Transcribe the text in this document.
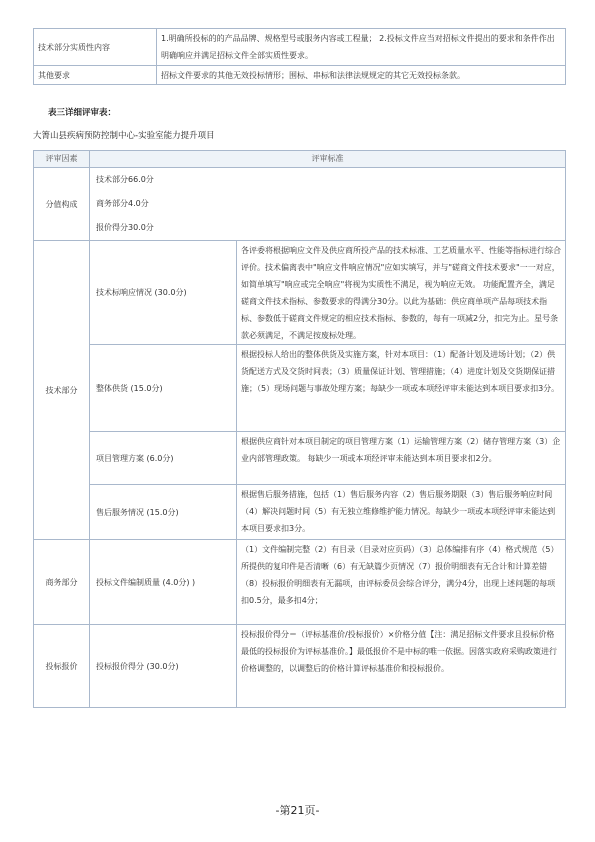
技术部分实质性内容	1.明确所投标的的产品品牌、规格型号或服务内容或工程量； 2.投标文件应当对招标文件提出的要求和条件作出明确响应并满足招标文件全部实质性要求。
其他要求	招标文件要求的其他无效投标情形；围标、串标和法律法规规定的其它无效投标条款。
表三详细评审表：
大箐山县疾病预防控制中心-实验室能力提升项目
评审因素	评审标准	
分值构成	技术部分66.0分
商务部分4.0分
报价得分30.0分	

技术部分	技术标响应情况 (30.0分)	各评委将根据响应文件及供应商所投产品的技术标准、工艺质量水平、性能等指标进行综合评价。技术偏离表中"响应文件响应情况"应如实填写，并与"磋商文件技术要求"一一对应，如简单填写"响应或完全响应"将视为实质性不满足，视为响应无效。 功能配置齐全，满足磋商文件技术指标、参数要求的得满分30分。以此为基础：供应商单项产品每项技术指标、参数低于磋商文件规定的相应技术指标、参数的，每有一项减2分，扣完为止。星号条款必须满足，不满足按废标处理。
	整体供货 (15.0分)	根据投标人给出的整体供货及实施方案，针对本项目：（1）配备计划及进场计划；（2）供货配送方式及交货时间表；（3）质量保证计划、管理措施；（4）进度计划及交货期保证措施；（5）现场问题与事故处理方案；每缺少一项或本项经评审未能达到本项目要求扣3分。
	项目管理方案 (6.0分)	根据供应商针对本项目制定的项目管理方案（1）运输管理方案（2）储存管理方案（3）企业内部管理政策。 每缺少一项或本项经评审未能达到本项目要求扣2分。
	售后服务情况 (15.0分)	根据售后服务措施，包括（1）售后服务内容（2）售后服务期限（3）售后服务响应时间（4）解决问题时间（5）有无独立维修维护能力情况。每缺少一项或本项经评审未能达到本项目要求扣3分。
商务部分	投标文件编制质量 (4.0分) )	（1）文件编制完整（2）有目录（目录对应页码）（3）总体编排有序（4）格式规范（5）所提供的复印件是否清晰（6）有无缺篇少页情况（7）报价明细表有无合计和计算差错（8）投标报价明细表有无漏项，由评标委员会综合评分，满分4分，出现上述问题的每项扣0.5分，最多扣4分；
投标报价	投标报价得分 (30.0分)	投标报价得分＝（评标基准价/投标报价）×价格分值【注：满足招标文件要求且投标价格最低的投标报价为评标基准价。】最低报价不是中标的唯一依据。因落实政府采购政策进行价格调整的，以调整后的价格计算评标基准价和投标报价。
-第21页-
